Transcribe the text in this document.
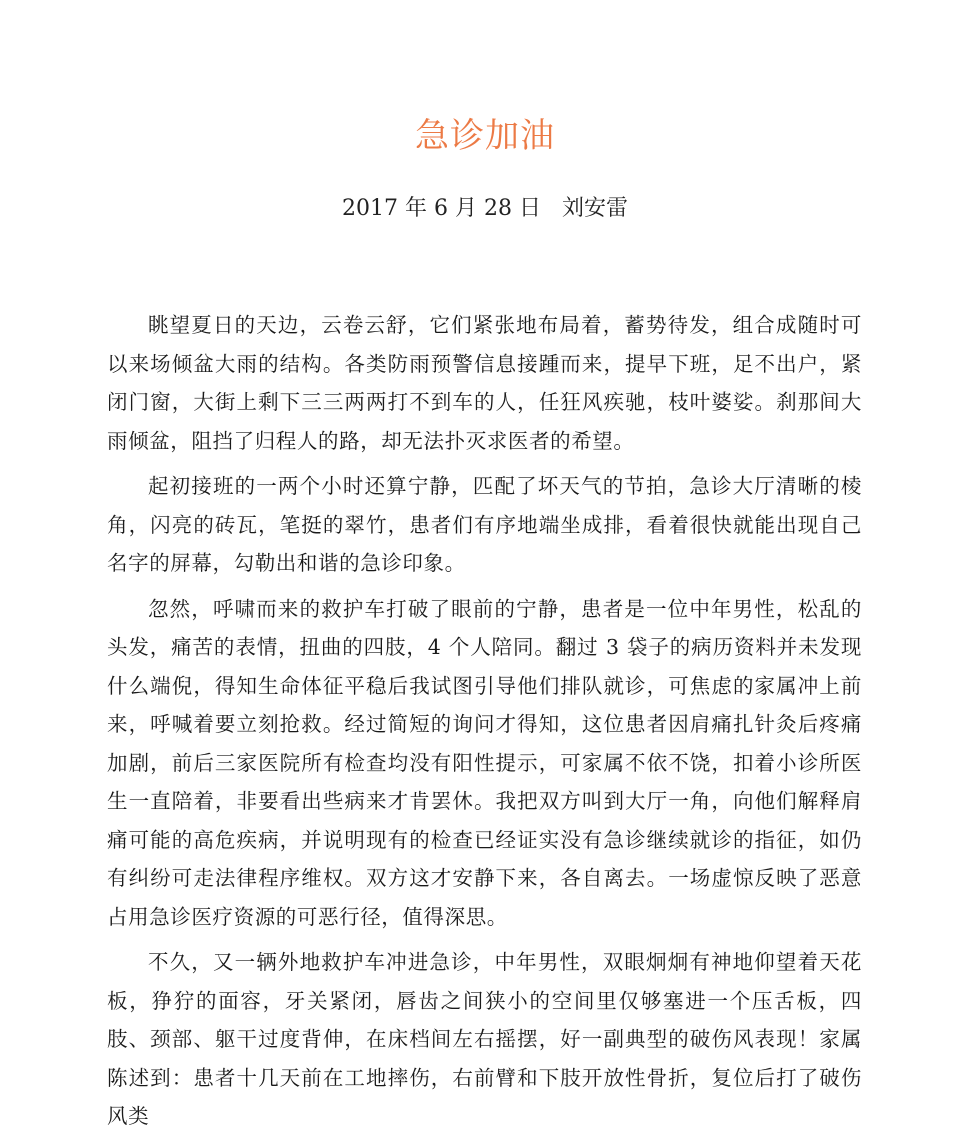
急诊加油
2017 年 6 月 28 日 刘安雷

眺望夏日的天边，云卷云舒，它们紧张地布局着，蓄势待发，组合成随时可以来场倾盆大雨的结构。各类防雨预警信息接踵而来，提早下班，足不出户，紧闭门窗，大街上剩下三三两两打不到车的人，任狂风疾驰，枝叶婆娑。刹那间大雨倾盆，阻挡了归程人的路，却无法扑灭求医者的希望。

起初接班的一两个小时还算宁静，匹配了坏天气的节拍，急诊大厅清晰的棱角，闪亮的砖瓦，笔挺的翠竹，患者们有序地端坐成排，看着很快就能出现自己名字的屏幕，勾勒出和谐的急诊印象。

忽然，呼啸而来的救护车打破了眼前的宁静，患者是一位中年男性，松乱的头发，痛苦的表情，扭曲的四肢，4 个人陪同。翻过 3 袋子的病历资料并未发现什么端倪，得知生命体征平稳后我试图引导他们排队就诊，可焦虑的家属冲上前来，呼喊着要立刻抢救。经过简短的询问才得知，这位患者因肩痛扎针灸后疼痛加剧，前后三家医院所有检查均没有阳性提示，可家属不依不饶，扣着小诊所医生一直陪着，非要看出些病来才肯罢休。我把双方叫到大厅一角，向他们解释肩痛可能的高危疾病，并说明现有的检查已经证实没有急诊继续就诊的指征，如仍有纠纷可走法律程序维权。双方这才安静下来，各自离去。一场虚惊反映了恶意占用急诊医疗资源的可恶行径，值得深思。

不久，又一辆外地救护车冲进急诊，中年男性，双眼炯炯有神地仰望着天花板，狰狞的面容，牙关紧闭，唇齿之间狭小的空间里仅够塞进一个压舌板，四肢、颈部、躯干过度背伸，在床档间左右摇摆，好一副典型的破伤风表现！家属陈述到：患者十几天前在工地摔伤，右前臂和下肢开放性骨折，复位后打了破伤风类
